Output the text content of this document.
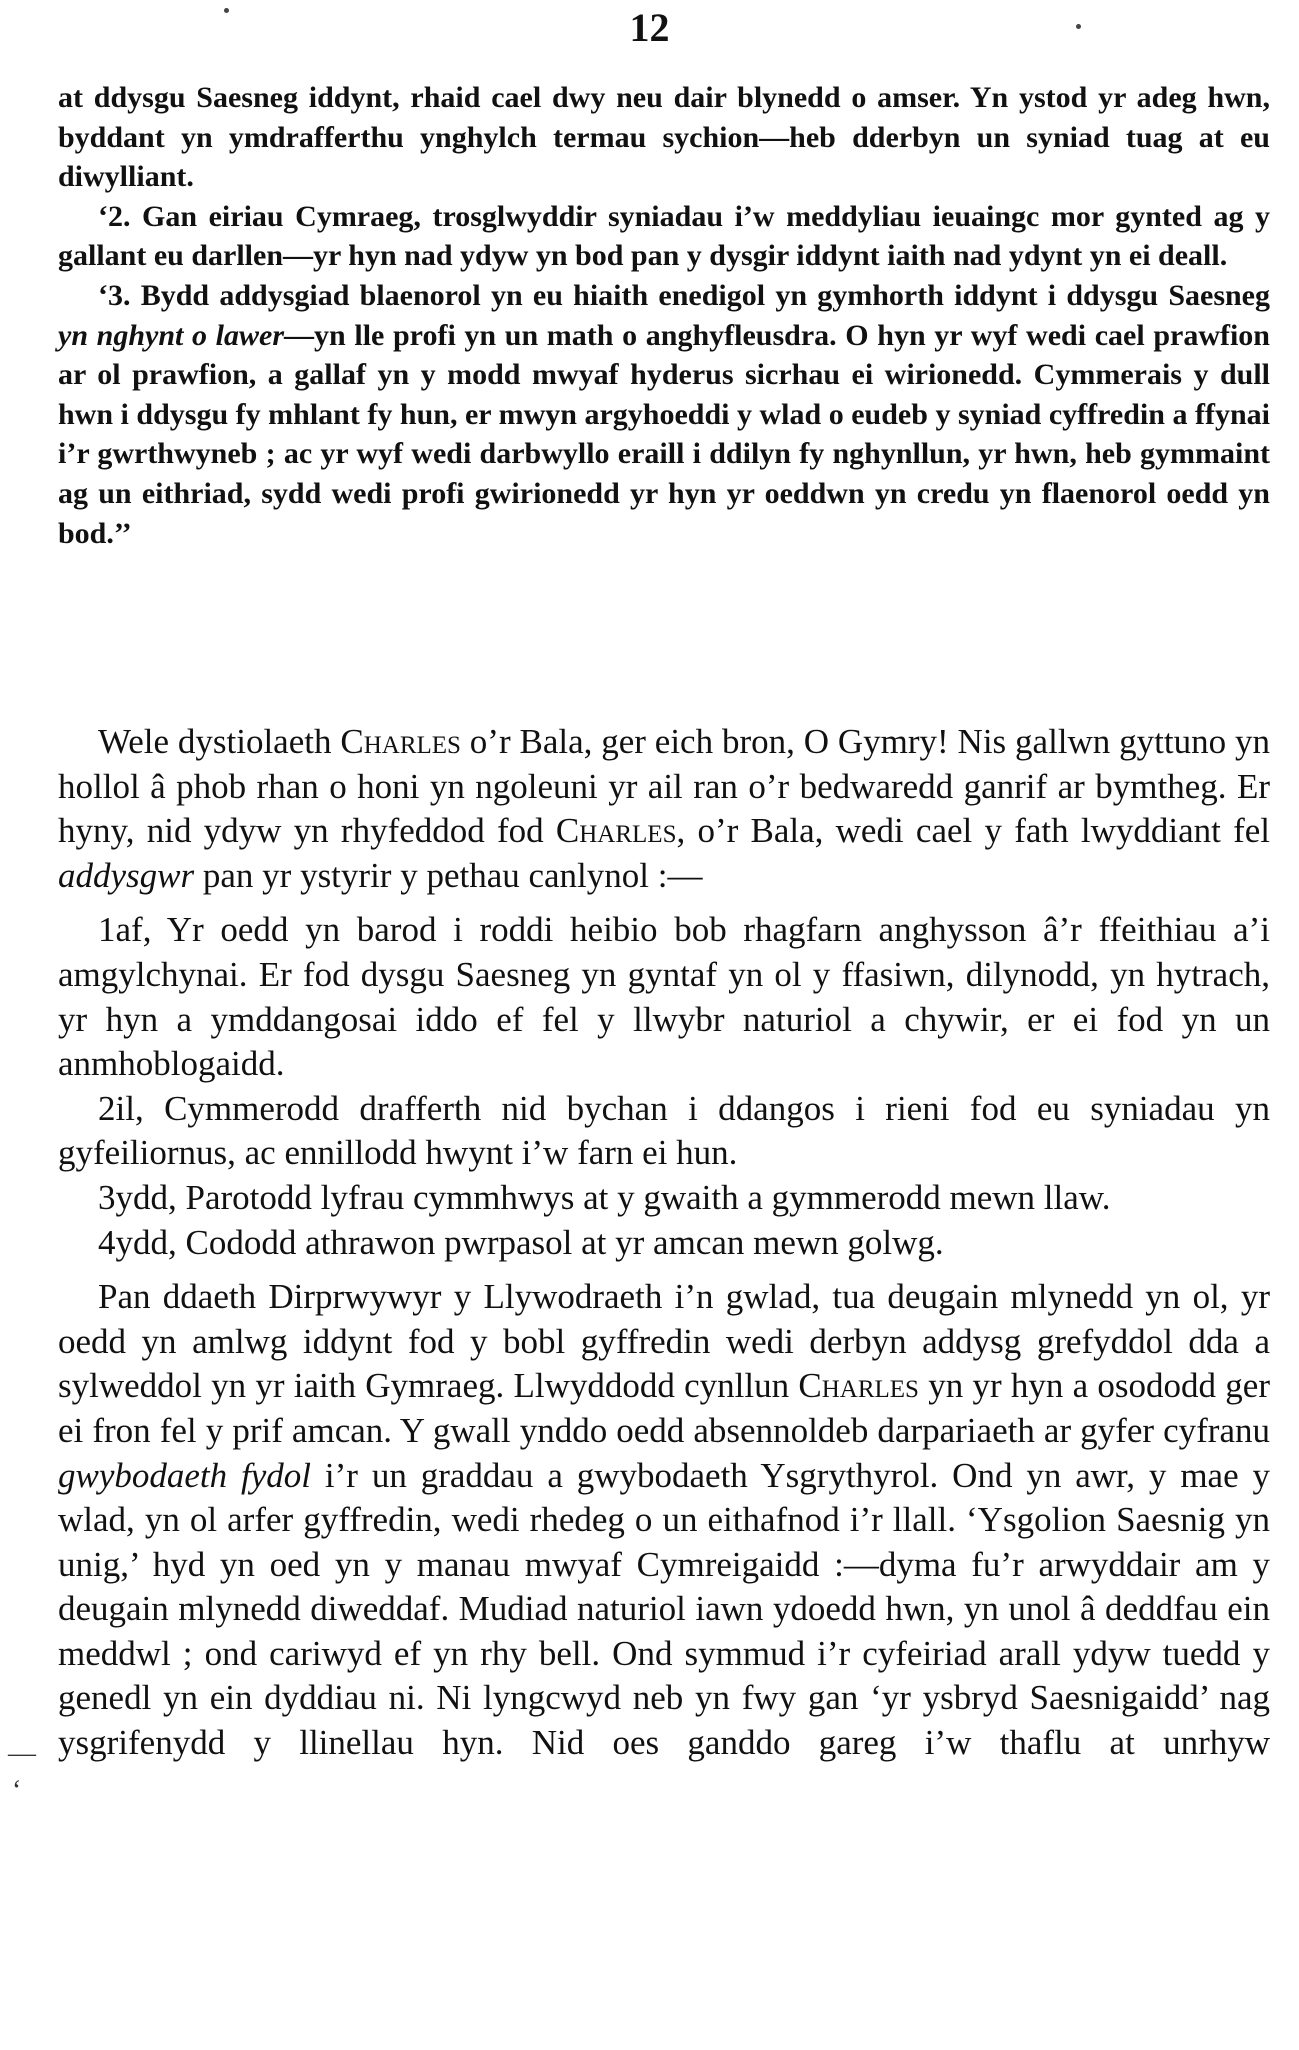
12

at ddysgu Saesneg iddynt, rhaid cael dwy neu dair blynedd o amser. Yn ystod yr adeg hwn, byddant yn ymdrafferthu ynghylch termau sychion—heb dderbyn un syniad tuag at eu diwylliant.

‘2. Gan eiriau Cymraeg, trosglwyddir syniadau i’w meddyliau ieuaingc mor gynted ag y gallant eu darllen—yr hyn nad ydyw yn bod pan y dysgir iddynt iaith nad ydynt yn ei deall.

‘3. Bydd addysgiad blaenorol yn eu hiaith enedigol yn gymhorth iddynt i ddysgu Saesneg yn nghynt o lawer—yn lle profi yn un math o anghyfleusdra. O hyn yr wyf wedi cael prawfion ar ol prawfion, a gallaf yn y modd mwyaf hyderus sicrhau ei wirionedd. Cymmerais y dull hwn i ddysgu fy mhlant fy hun, er mwyn argyhoeddi y wlad o eudeb y syniad cyffredin a ffynai i’r gwrthwyneb ; ac yr wyf wedi darbwyllo eraill i ddilyn fy nghynllun, yr hwn, heb gymmaint ag un eithriad, sydd wedi profi gwirionedd yr hyn yr oeddwn yn credu yn flaenorol oedd yn bod.’’

Wele dystiolaeth Charles o’r Bala, ger eich bron, O Gymry! Nis gallwn gyttuno yn hollol â phob rhan o honi yn ngoleuni yr ail ran o’r bedwaredd ganrif ar bymtheg. Er hyny, nid ydyw yn rhyfeddod fod Charles, o’r Bala, wedi cael y fath lwyddiant fel addysgwr pan yr ystyrir y pethau canlynol :—

1af, Yr oedd yn barod i roddi heibio bob rhagfarn anghysson â’r ffeithiau a’i amgylchynai. Er fod dysgu Saesneg yn gyntaf yn ol y ffasiwn, dilynodd, yn hytrach, yr hyn a ymddangosai iddo ef fel y llwybr naturiol a chywir, er ei fod yn un anmhoblogaidd.

2il, Cymmerodd drafferth nid bychan i ddangos i rieni fod eu syniadau yn gyfeiliornus, ac ennillodd hwynt i’w farn ei hun.

3ydd, Parotodd lyfrau cymmhwys at y gwaith a gymmerodd mewn llaw.

4ydd, Cododd athrawon pwrpasol at yr amcan mewn golwg.

Pan ddaeth Dirprwywyr y Llywodraeth i’n gwlad, tua deugain mlynedd yn ol, yr oedd yn amlwg iddynt fod y bobl gyffredin wedi derbyn addysg grefyddol dda a sylweddol yn yr iaith Gymraeg. Llwyddodd cynllun Charles yn yr hyn a osododd ger ei fron fel y prif amcan. Y gwall ynddo oedd absennoldeb darpariaeth ar gyfer cyfranu gwybodaeth fydol i’r un graddau a gwybodaeth Ysgrythyrol. Ond yn awr, y mae y wlad, yn ol arfer gyffredin, wedi rhedeg o un eithafnod i’r llall. ‘Ysgolion Saesnig yn unig,’ hyd yn oed yn y manau mwyaf Cymreigaidd :—dyma fu’r arwyddair am y deugain mlynedd diweddaf. Mudiad naturiol iawn ydoedd hwn, yn unol â deddfau ein meddwl ; ond cariwyd ef yn rhy bell. Ond symmud i’r cyfeiriad arall ydyw tuedd y genedl yn ein dyddiau ni. Ni lyngcwyd neb yn fwy gan ‘yr ysbryd Saesnigaidd’ nag ysgrifenydd y llinellau hyn. Nid oes ganddo gareg i’w thaflu at unrhyw

—
‘
